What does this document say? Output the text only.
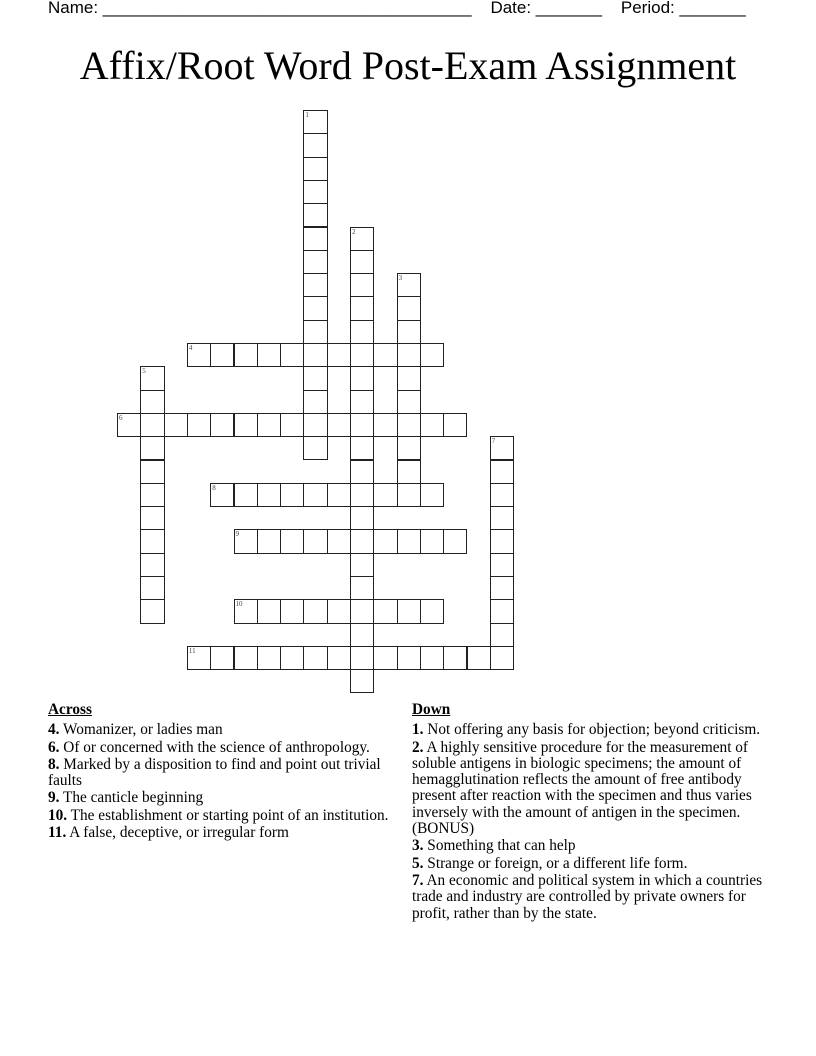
Name: _______________________________________ Date: _______ Period: _______
Affix/Root Word Post-Exam Assignment
1
2
3
4
5
6
7
8
9
10
11
Across
4. Womanizer, or ladies man
6. Of or concerned with the science of anthropology.
8. Marked by a disposition to find and point out trivial faults
9. The canticle beginning
10. The establishment or starting point of an institution.
11. A false, deceptive, or irregular form
Down
1. Not offering any basis for objection; beyond criticism.
2. A highly sensitive procedure for the measurement of soluble antigens in biologic specimens; the amount of hemagglutination reflects the amount of free antibody present after reaction with the specimen and thus varies inversely with the amount of antigen in the specimen.(BONUS)
3. Something that can help
5. Strange or foreign, or a different life form.
7. An economic and political system in which a countries trade and industry are controlled by private owners for profit, rather than by the state.
